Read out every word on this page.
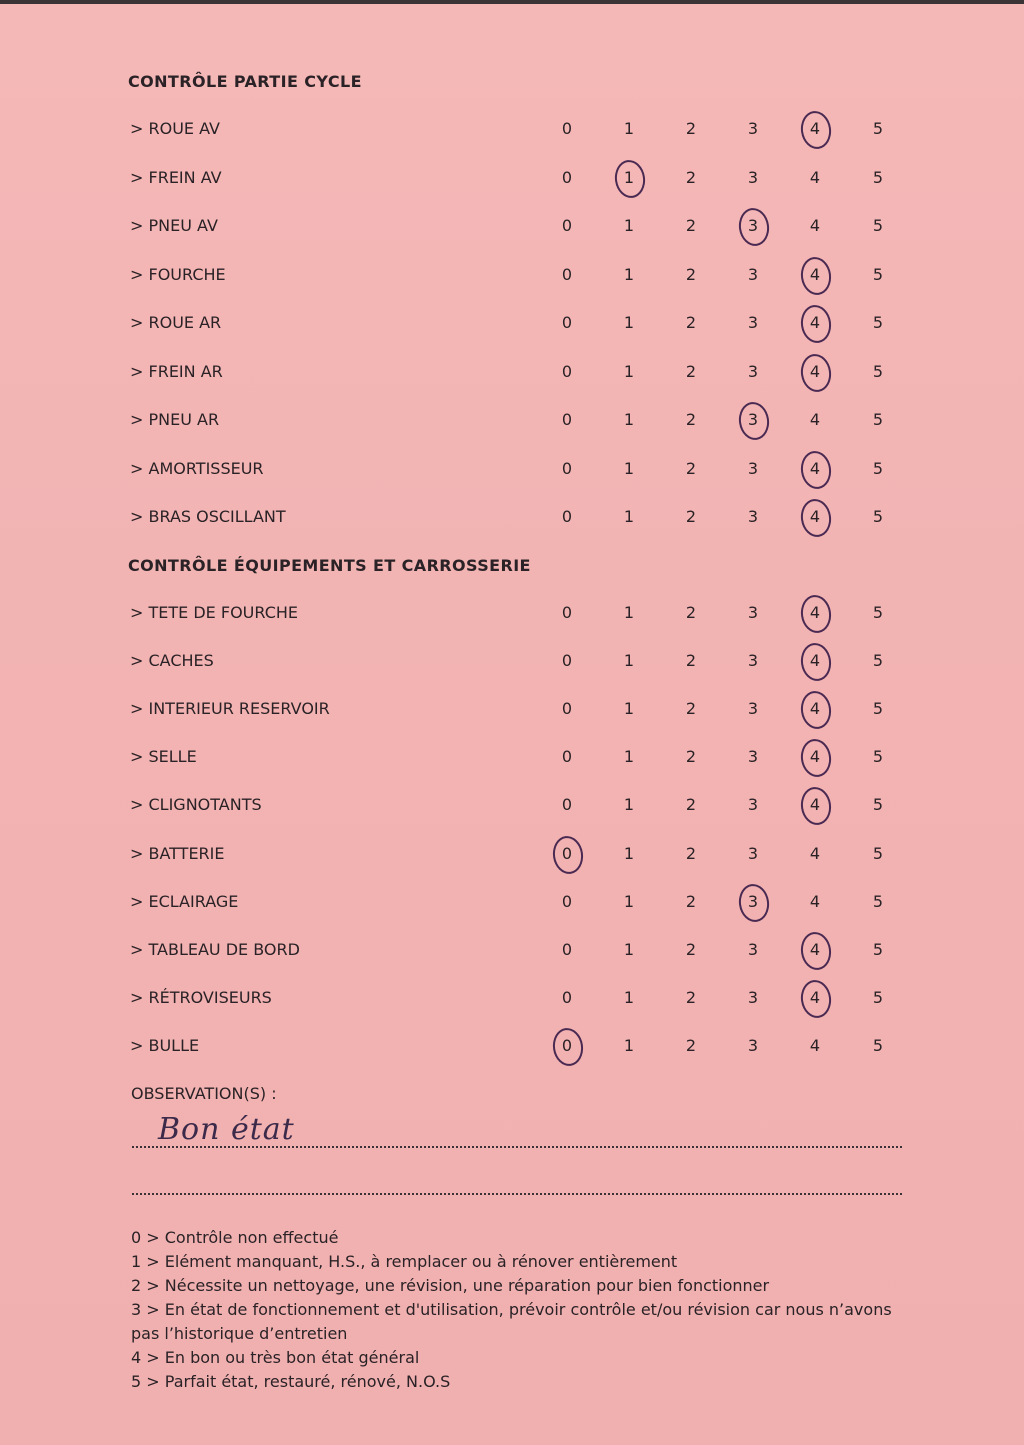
CONTRÔLE PARTIE CYCLE
> ROUE AV	0	1	2	3	4	5
> FREIN AV	0	1	2	3	4	5
> PNEU AV	0	1	2	3	4	5
> FOURCHE	0	1	2	3	4	5
> ROUE AR	0	1	2	3	4	5
> FREIN AR	0	1	2	3	4	5
> PNEU AR	0	1	2	3	4	5
> AMORTISSEUR	0	1	2	3	4	5
> BRAS OSCILLANT	0	1	2	3	4	5
CONTRÔLE ÉQUIPEMENTS ET CARROSSERIE
> TETE DE FOURCHE	0	1	2	3	4	5
> CACHES	0	1	2	3	4	5
> INTERIEUR RESERVOIR	0	1	2	3	4	5
> SELLE	0	1	2	3	4	5
> CLIGNOTANTS	0	1	2	3	4	5
> BATTERIE	0	1	2	3	4	5
> ECLAIRAGE	0	1	2	3	4	5
> TABLEAU DE BORD	0	1	2	3	4	5
> RÉTROVISEURS	0	1	2	3	4	5
> BULLE	0	1	2	3	4	5
OBSERVATION(S) :
Bon état
0 > Contrôle non effectué
1 > Elément manquant, H.S., à remplacer ou à rénover entièrement
2 > Nécessite un nettoyage, une révision, une réparation pour bien fonctionner
3 > En état de fonctionnement et d'utilisation, prévoir contrôle et/ou révision car nous n’avons pas l’historique d’entretien
4 > En bon ou très bon état général
5 > Parfait état, restauré, rénové, N.O.S
